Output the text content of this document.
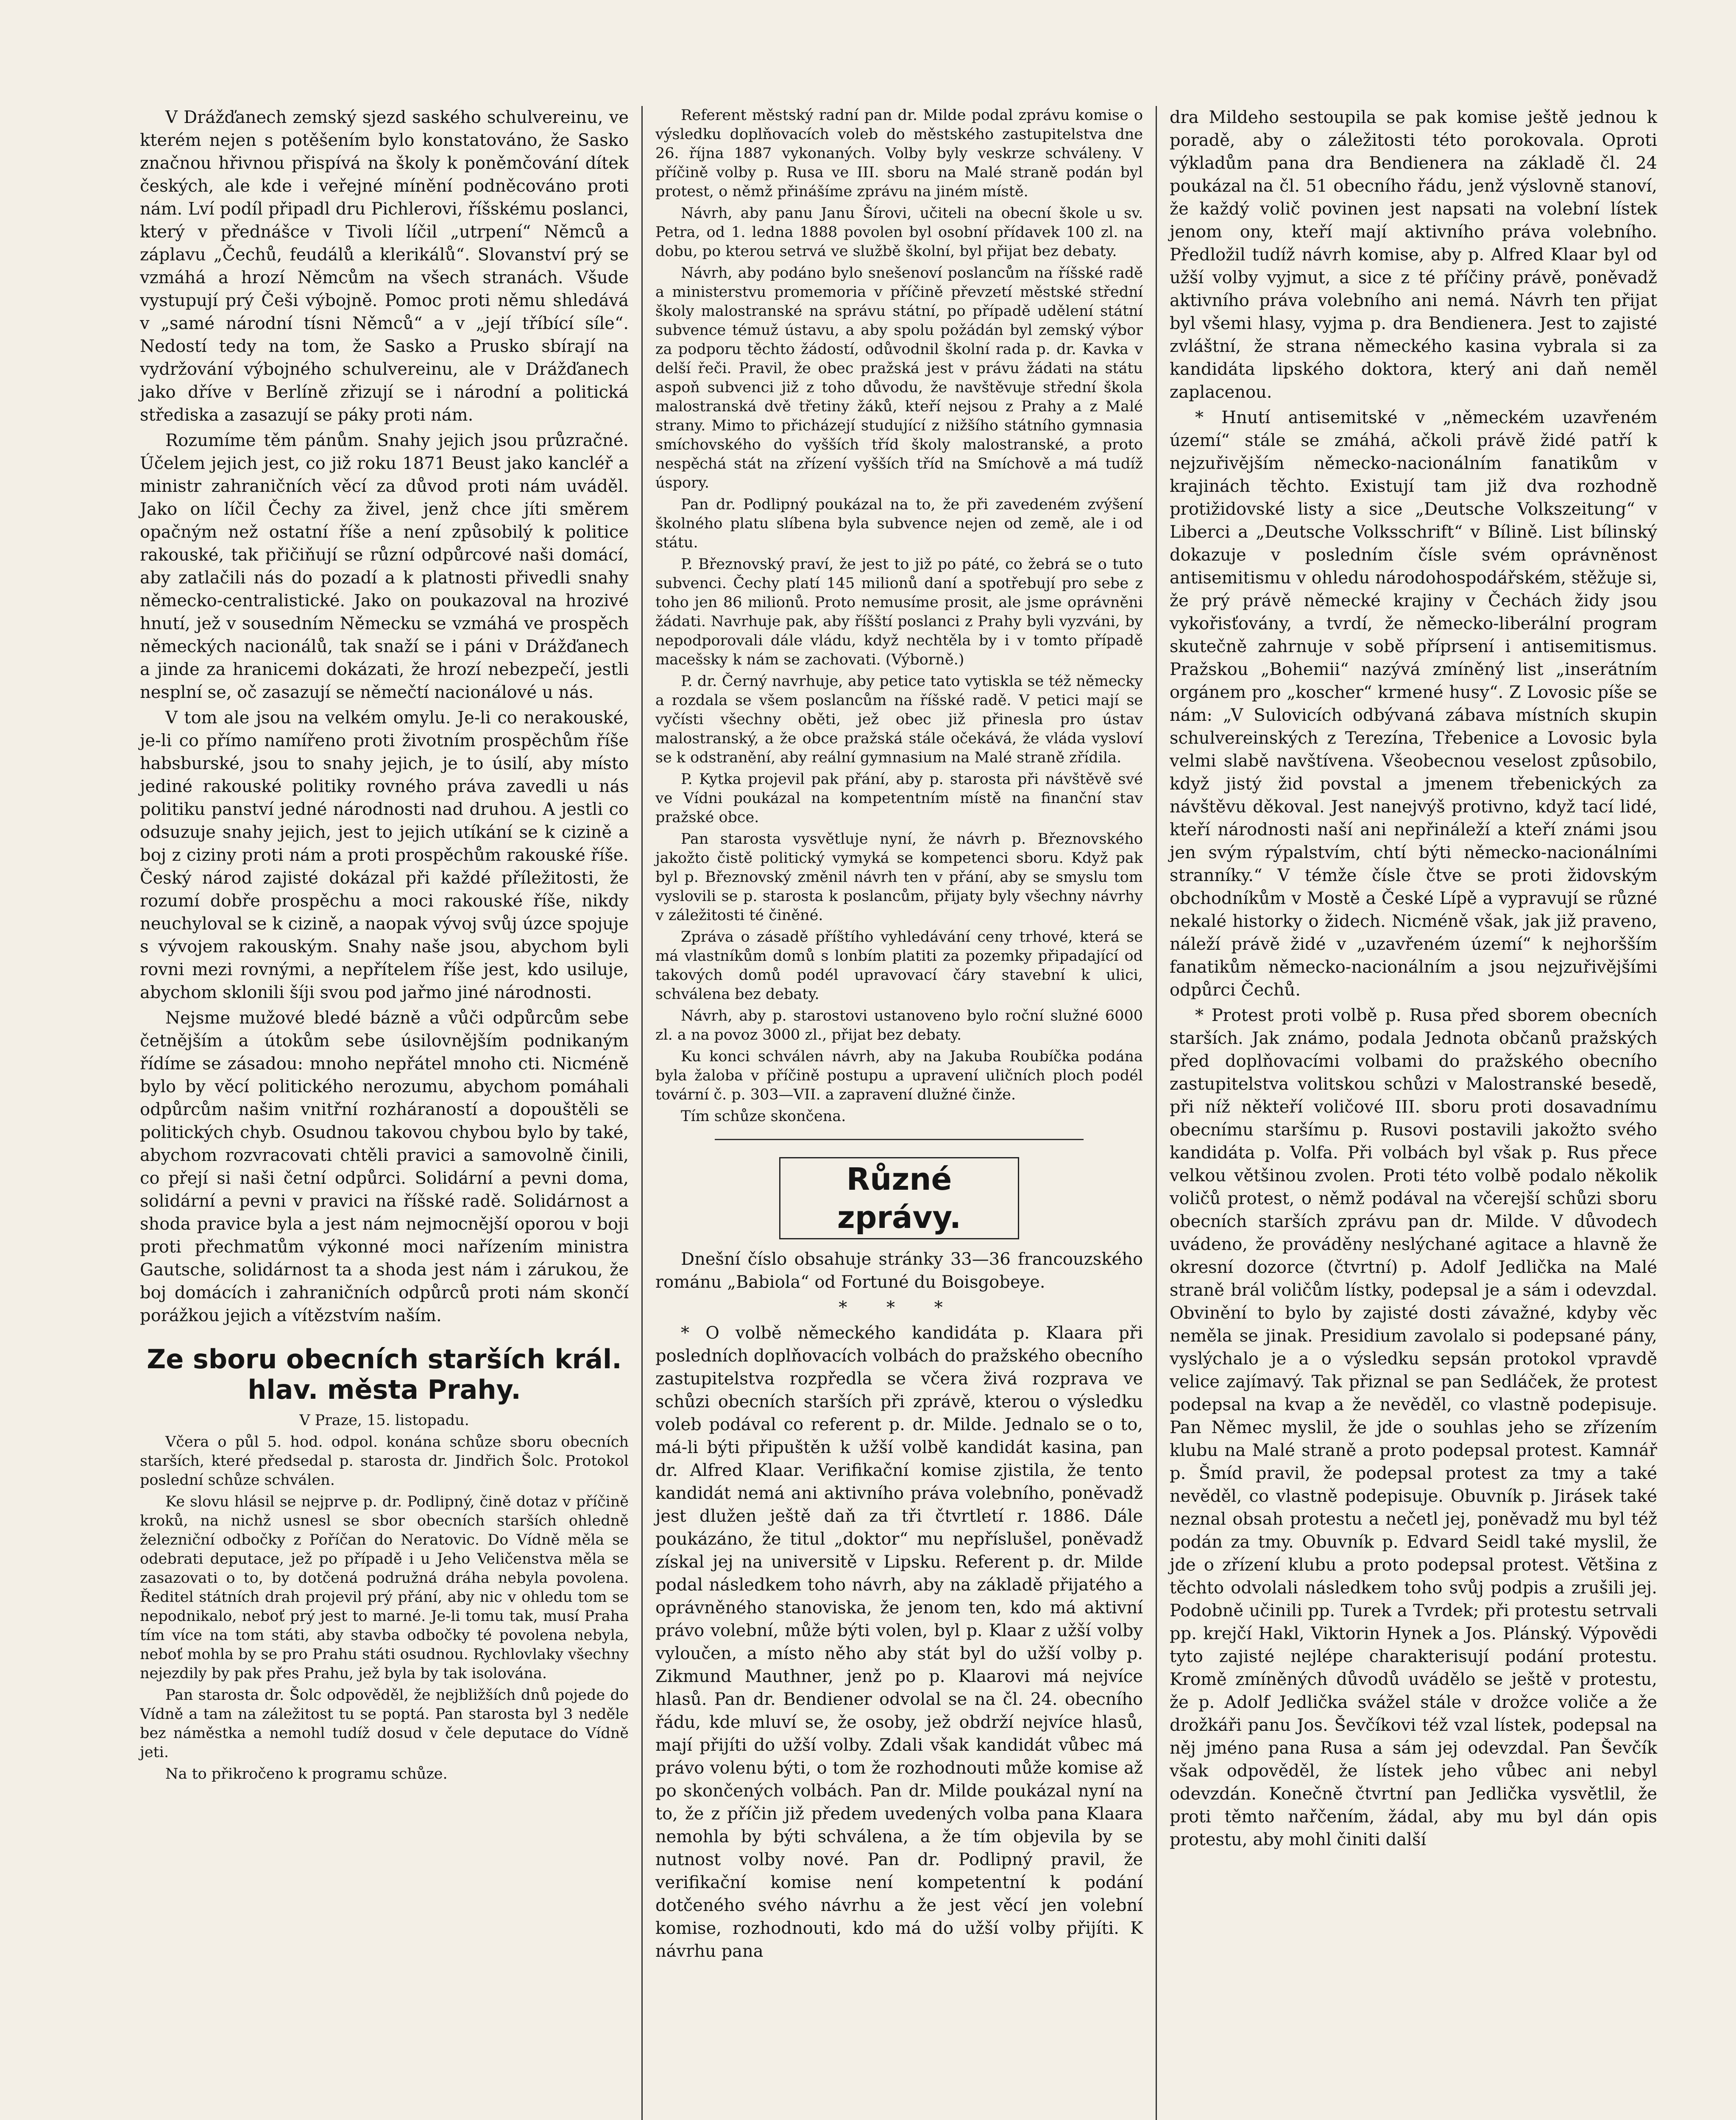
V Drážďanech zemský sjezd saského schulvereinu, ve kterém nejen s potěšením bylo konstatováno, že Sasko značnou hřivnou přispívá na školy k poněmčování dítek českých, ale kde i veřejné mínění podněcováno proti nám. Lví podíl připadl dru Pichlerovi, říšskému poslanci, který v přednášce v Tivoli líčil „utrpení“ Němců a záplavu „Čechů, feudálů a klerikálů“. Slovanství prý se vzmáhá a hrozí Němcům na všech stranách. Všude vystupují prý Češi výbojně. Pomoc proti němu shledává v „samé národní tísni Němců“ a v „její tříbící síle“. Nedostí tedy na tom, že Sasko a Prusko sbírají na vydržování výbojného schulvereinu, ale v Drážďanech jako dříve v Berlíně zřizují se i národní a politická střediska a zasazují se páky proti nám.

Rozumíme těm pánům. Snahy jejich jsou průzračné. Účelem jejich jest, co již roku 1871 Beust jako kancléř a ministr zahraničních věcí za důvod proti nám uváděl. Jako on líčil Čechy za živel, jenž chce jíti směrem opačným než ostatní říše a není způsobilý k politice rakouské, tak přičiňují se různí odpůrcové naši domácí, aby zatlačili nás do pozadí a k platnosti přivedli snahy německo-centralistické. Jako on poukazoval na hrozivé hnutí, jež v sousedním Německu se vzmáhá ve prospěch německých nacionálů, tak snaží se i páni v Drážďanech a jinde za hranicemi dokázati, že hrozí nebezpečí, jestli nesplní se, oč zasazují se němečtí nacionálové u nás.

V tom ale jsou na velkém omylu. Je-li co nerakouské, je-li co přímo namířeno proti životním prospěchům říše habsburské, jsou to snahy jejich, je to úsilí, aby místo jediné rakouské politiky rovného práva zavedli u nás politiku panství jedné národnosti nad druhou. A jestli co odsuzuje snahy jejich, jest to jejich utíkání se k cizině a boj z ciziny proti nám a proti prospěchům rakouské říše. Český národ zajisté dokázal při každé příležitosti, že rozumí dobře prospěchu a moci rakouské říše, nikdy neuchyloval se k cizině, a naopak vývoj svůj úzce spojuje s vývojem rakouským. Snahy naše jsou, abychom byli rovni mezi rovnými, a nepřítelem říše jest, kdo usiluje, abychom sklonili šíji svou pod jařmo jiné národnosti.

Nejsme mužové bledé bázně a vůči odpůrcům sebe četnějším a útokům sebe úsilovnějším podnikaným řídíme se zásadou: mnoho nepřátel mnoho cti. Nicméně bylo by věcí politického nerozumu, abychom pomáhali odpůrcům našim vnitřní rozháraností a dopouštěli se politických chyb. Osudnou takovou chybou bylo by také, abychom rozvracovati chtěli pravici a samovolně činili, co přejí si naši četní odpůrci. Solidární a pevni doma, solidární a pevni v pravici na říšské radě. Solidárnost a shoda pravice byla a jest nám nejmocnější oporou v boji proti přechmatům výkonné moci nařízením ministra Gautsche, solidárnost ta a shoda jest nám i zárukou, že boj domácích i zahraničních odpůrců proti nám skončí porážkou jejich a vítězstvím naším.

Ze sboru obecních starších král. hlav. města Prahy.

V Praze, 15. listopadu.

Včera o půl 5. hod. odpol. konána schůze sboru obecních starších, které předsedal p. starosta dr. Jindřich Šolc. Protokol poslední schůze schválen.

Ke slovu hlásil se nejprve p. dr. Podlipný, čině dotaz v příčině kroků, na nichž usnesl se sbor obecních starších ohledně železniční odbočky z Poříčan do Neratovic. Do Vídně měla se odebrati deputace, jež po případě i u Jeho Veličenstva měla se zasazovati o to, by dotčená podružná dráha nebyla povolena. Ředitel státních drah projevil prý přání, aby nic v ohledu tom se nepodnikalo, neboť prý jest to marné. Je-li tomu tak, musí Praha tím více na tom státi, aby stavba odbočky té povolena nebyla, neboť mohla by se pro Prahu státi osudnou. Rychlovlaky všechny nejezdily by pak přes Prahu, jež byla by tak isolována.

Pan starosta dr. Šolc odpověděl, že nejbližších dnů pojede do Vídně a tam na záležitost tu se poptá. Pan starosta byl 3 neděle bez náměstka a nemohl tudíž dosud v čele deputace do Vídně jeti.

Na to přikročeno k programu schůze.

Referent městský radní pan dr. Milde podal zprávu komise o výsledku doplňovacích voleb do městského zastupitelstva dne 26. října 1887 vykonaných. Volby byly veskrze schváleny. V příčině volby p. Rusa ve III. sboru na Malé straně podán byl protest, o němž přinášíme zprávu na jiném místě.

Návrh, aby panu Janu Šírovi, učiteli na obecní škole u sv. Petra, od 1. ledna 1888 povolen byl osobní přídavek 100 zl. na dobu, po kterou setrvá ve službě školní, byl přijat bez debaty.

Návrh, aby podáno bylo snešenoví poslancům na říšské radě a ministerstvu promemoria v příčině převzetí městské střední školy malostranské na správu státní, po případě udělení státní subvence témuž ústavu, a aby spolu požádán byl zemský výbor za podporu těchto žádostí, odůvodnil školní rada p. dr. Kavka v delší řeči. Pravil, že obec pražská jest v právu žádati na státu aspoň subvenci již z toho důvodu, že navštěvuje střední škola malostranská dvě třetiny žáků, kteří nejsou z Prahy a z Malé strany. Mimo to přicházejí studující z nižšího státního gymnasia smíchovského do vyšších tříd školy malostranské, a proto nespěchá stát na zřízení vyšších tříd na Smíchově a má tudíž úspory.

Pan dr. Podlipný poukázal na to, že při zavedeném zvýšení školného platu slíbena byla subvence nejen od země, ale i od státu.

P. Březnovský praví, že jest to již po páté, co žebrá se o tuto subvenci. Čechy platí 145 milionů daní a spotřebují pro sebe z toho jen 86 milionů. Proto nemusíme prosit, ale jsme oprávněni žádati. Navrhuje pak, aby říšští poslanci z Prahy byli vyzváni, by nepodporovali dále vládu, když nechtěla by i v tomto případě macešsky k nám se zachovati. (Výborně.)

P. dr. Černý navrhuje, aby petice tato vytiskla se též německy a rozdala se všem poslancům na říšské radě. V petici mají se vyčísti všechny oběti, jež obec již přinesla pro ústav malostranský, a že obce pražská stále očekává, že vláda vysloví se k odstranění, aby reální gymnasium na Malé straně zřídila.

P. Kytka projevil pak přání, aby p. starosta při návštěvě své ve Vídni poukázal na kompetentním místě na finanční stav pražské obce.

Pan starosta vysvětluje nyní, že návrh p. Březnovského jakožto čistě politický vymyká se kompetenci sboru. Když pak byl p. Březnovský změnil návrh ten v přání, aby se smyslu tom vyslovili se p. starosta k poslancům, přijaty byly všechny návrhy v záležitosti té činěné.

Zpráva o zásadě příštího vyhledávání ceny trhové, která se má vlastníkům domů s lonbím platiti za pozemky připadající od takových domů podél upravovací čáry stavební k ulici, schválena bez debaty.

Návrh, aby p. starostovi ustanoveno bylo roční služné 6000 zl. a na povoz 3000 zl., přijat bez debaty.

Ku konci schválen návrh, aby na Jakuba Roubíčka podána byla žaloba v příčině postupu a upravení uličních ploch podél tovární č. p. 303—VII. a zapravení dlužné činže.

Tím schůze skončena.

Různé zprávy.

Dnešní číslo obsahuje stránky 33—36 francouzského románu „Babiola“ od Fortuné du Boisgobeye.

* * *

* O volbě německého kandidáta p. Klaara při posledních doplňovacích volbách do pražského obecního zastupitelstva rozpředla se včera živá rozprava ve schůzi obecních starších při zprávě, kterou o výsledku voleb podával co referent p. dr. Milde. Jednalo se o to, má-li býti připuštěn k užší volbě kandidát kasina, pan dr. Alfred Klaar. Verifikační komise zjistila, že tento kandidát nemá ani aktivního práva volebního, poněvadž jest dlužen ještě daň za tři čtvrtletí r. 1886. Dále poukázáno, že titul „doktor“ mu nepříslušel, poněvadž získal jej na universitě v Lipsku. Referent p. dr. Milde podal následkem toho návrh, aby na základě přijatého a oprávněného stanoviska, že jenom ten, kdo má aktivní právo volební, může býti volen, byl p. Klaar z užší volby vyloučen, a místo něho aby stát byl do užší volby p. Zikmund Mauthner, jenž po p. Klaarovi má nejvíce hlasů. Pan dr. Bendiener odvolal se na čl. 24. obecního řádu, kde mluví se, že osoby, jež obdrží nejvíce hlasů, mají přijíti do užší volby. Zdali však kandidát vůbec má právo volenu býti, o tom že rozhodnouti může komise až po skončených volbách. Pan dr. Milde poukázal nyní na to, že z příčin již předem uvedených volba pana Klaara nemohla by býti schválena, a že tím objevila by se nutnost volby nové. Pan dr. Podlipný pravil, že verifikační komise není kompetentní k podání dotčeného svého návrhu a že jest věcí jen volební komise, rozhodnouti, kdo má do užší volby přijíti. K návrhu pana

dra Mildeho sestoupila se pak komise ještě jednou k poradě, aby o záležitosti této porokovala. Oproti výkladům pana dra Bendienera na základě čl. 24 poukázal na čl. 51 obecního řádu, jenž výslovně stanoví, že každý volič povinen jest napsati na volební lístek jenom ony, kteří mají aktivního práva volebního. Předložil tudíž návrh komise, aby p. Alfred Klaar byl od užší volby vyjmut, a sice z té příčiny právě, poněvadž aktivního práva volebního ani nemá. Návrh ten přijat byl všemi hlasy, vyjma p. dra Bendienera. Jest to zajisté zvláštní, že strana německého kasina vybrala si za kandidáta lipského doktora, který ani daň neměl zaplacenou.

* Hnutí antisemitské v „německém uzavřeném území“ stále se zmáhá, ačkoli právě židé patří k nejzuřivějším německo-nacionálním fanatikům v krajinách těchto. Existují tam již dva rozhodně protižidovské listy a sice „Deutsche Volkszeitung“ v Liberci a „Deutsche Volksschrift“ v Bílině. List bílinský dokazuje v posledním čísle svém oprávněnost antisemitismu v ohledu národohospodářském, stěžuje si, že prý právě německé krajiny v Čechách židy jsou vykořisťovány, a tvrdí, že německo-liberální program skutečně zahrnuje v sobě příprsení i antisemitismus. Pražskou „Bohemii“ nazývá zmíněný list „inserátním orgánem pro „koscher“ krmené husy“. Z Lovosic píše se nám: „V Sulovicích odbývaná zábava místních skupin schulvereinských z Terezína, Třebenice a Lovosic byla velmi slabě navštívena. Všeobecnou veselost způsobilo, když jistý žid povstal a jmenem třebenických za návštěvu děkoval. Jest nanejvýš protivno, když tací lidé, kteří národnosti naší ani nepřináleží a kteří známi jsou jen svým rýpalstvím, chtí býti německo-nacionálními stranníky.“ V témže čísle čtve se proti židovským obchodníkům v Mostě a České Lípě a vypravují se různé nekalé historky o židech. Nicméně však, jak již praveno, náleží právě židé v „uzavřeném území“ k nejhoršším fanatikům německo-nacionálním a jsou nejzuřivějšími odpůrci Čechů.

* Protest proti volbě p. Rusa před sborem obecních starších. Jak známo, podala Jednota občanů pražských před doplňovacími volbami do pražského obecního zastupitelstva volitskou schůzi v Malostranské besedě, při níž někteří voličové III. sboru proti dosavadnímu obecnímu staršímu p. Rusovi postavili jakožto svého kandidáta p. Volfa. Při volbách byl však p. Rus přece velkou většinou zvolen. Proti této volbě podalo několik voličů protest, o němž podával na včerejší schůzi sboru obecních starších zprávu pan dr. Milde. V důvodech uvádeno, že prováděny neslýchané agitace a hlavně že okresní dozorce (čtvrtní) p. Adolf Jedlička na Malé straně brál voličům lístky, podepsal je a sám i odevzdal. Obvinění to bylo by zajisté dosti závažné, kdyby věc neměla se jinak. Presidium zavolalo si podepsané pány, vyslýchalo je a o výsledku sepsán protokol vpravdě velice zajímavý. Tak přiznal se pan Sedláček, že protest podepsal na kvap a že nevěděl, co vlastně podepisuje. Pan Němec myslil, že jde o souhlas jeho se zřízením klubu na Malé straně a proto podepsal protest. Kamnář p. Šmíd pravil, že podepsal protest za tmy a také nevěděl, co vlastně podepisuje. Obuvník p. Jirásek také neznal obsah protestu a nečetl jej, poněvadž mu byl též podán za tmy. Obuvník p. Edvard Seidl také myslil, že jde o zřízení klubu a proto podepsal protest. Většina z těchto odvolali následkem toho svůj podpis a zrušili jej. Podobně učinili pp. Turek a Tvrdek; při protestu setrvali pp. krejčí Hakl, Viktorin Hynek a Jos. Plánský. Výpovědi tyto zajisté nejlépe charakterisují podání protestu. Kromě zmíněných důvodů uvádělo se ještě v protestu, že p. Adolf Jedlička svážel stále v drožce voliče a že drožkáři panu Jos. Ševčíkovi též vzal lístek, podepsal na něj jméno pana Rusa a sám jej odevzdal. Pan Ševčík však odpověděl, že lístek jeho vůbec ani nebyl odevzdán. Konečně čtvrtní pan Jedlička vysvětlil, že proti těmto nařčením, žádal, aby mu byl dán opis protestu, aby mohl činiti další
